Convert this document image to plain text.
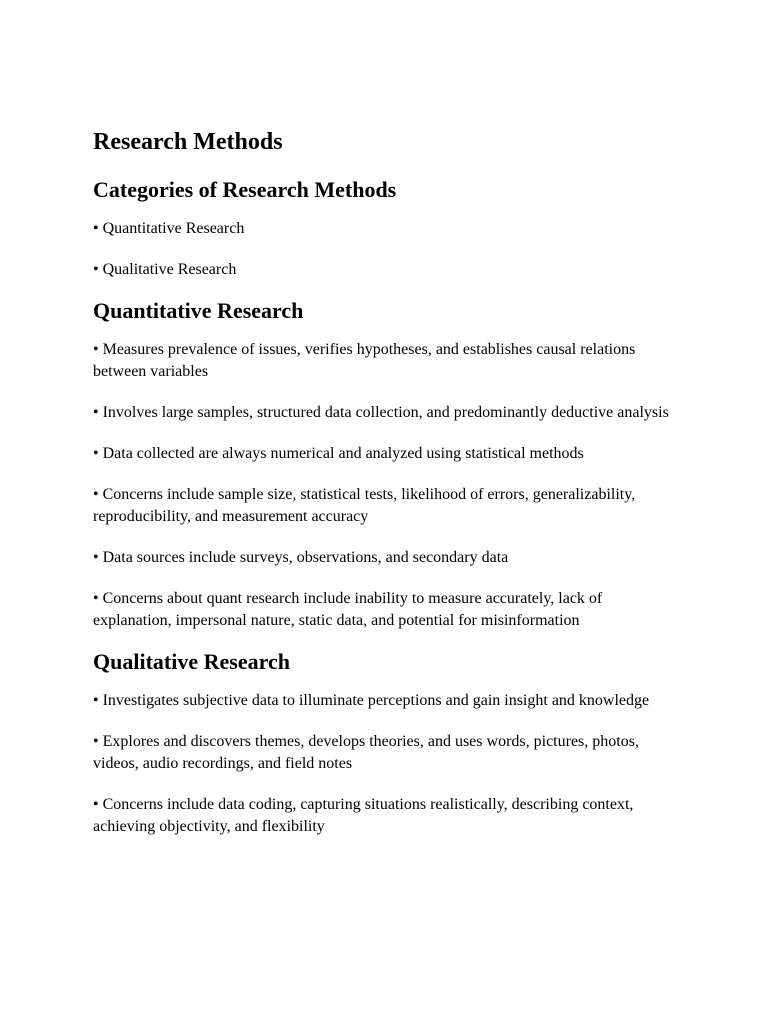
Research Methods
Categories of Research Methods
• Quantitative Research
• Qualitative Research
Quantitative Research
• Measures prevalence of issues, verifies hypotheses, and establishes causal relations between variables
• Involves large samples, structured data collection, and predominantly deductive analysis
• Data collected are always numerical and analyzed using statistical methods
• Concerns include sample size, statistical tests, likelihood of errors, generalizability, reproducibility, and measurement accuracy
• Data sources include surveys, observations, and secondary data
• Concerns about quant research include inability to measure accurately, lack of explanation, impersonal nature, static data, and potential for misinformation
Qualitative Research
• Investigates subjective data to illuminate perceptions and gain insight and knowledge
• Explores and discovers themes, develops theories, and uses words, pictures, photos, videos, audio recordings, and field notes
• Concerns include data coding, capturing situations realistically, describing context, achieving objectivity, and flexibility
